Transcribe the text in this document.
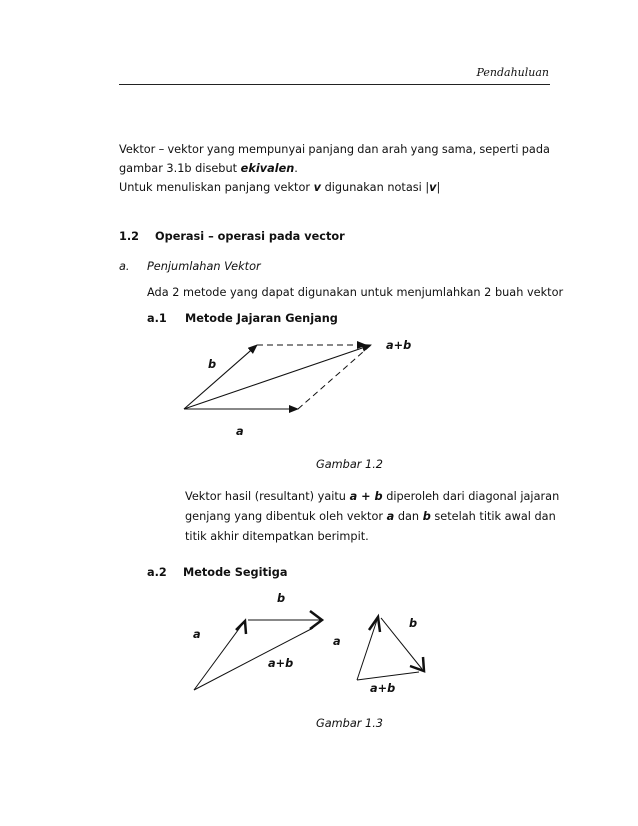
Pendahuluan
Vektor – vektor yang mempunyai panjang dan arah yang sama, seperti pada
gambar 3.1b disebut ekivalen.
Untuk menuliskan panjang vektor v digunakan notasi |v|
1.2 Operasi – operasi pada vector
a. Penjumlahan Vektor
Ada 2 metode yang dapat digunakan untuk menjumlahkan 2 buah vektor
a.1 Metode Jajaran Genjang
b
a
a+b
Gambar 1.2
Vektor hasil (resultant) yaitu a + b diperoleh dari diagonal jajaran
genjang yang dibentuk oleh vektor a dan b setelah titik awal dan
titik akhir ditempatkan berimpit.
a.2 Metode Segitiga
b
a
a+b
a
b
a+b
Gambar 1.3
